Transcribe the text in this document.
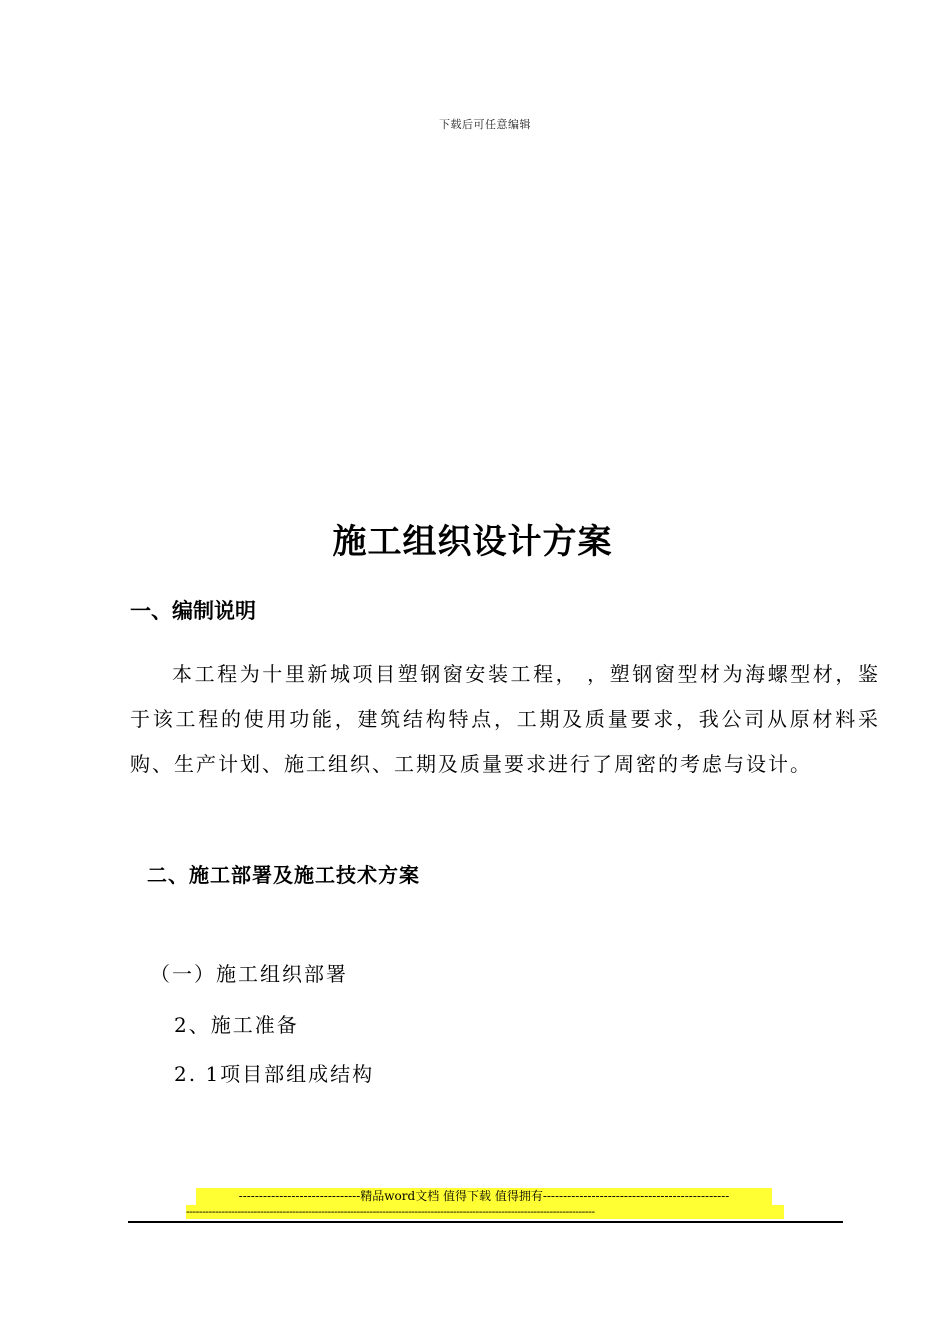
下载后可任意编辑
施工组织设计方案
一、编制说明
本工程为十里新城项目塑钢窗安装工程， ，塑钢窗型材为海螺型材，鉴于该工程的使用功能，建筑结构特点，工期及质量要求，我公司从原材料采购、生产计划、施工组织、工期及质量要求进行了周密的考虑与设计。
二、施工部署及施工技术方案
（一）施工组织部署
2、施工准备
2. 1项目部组成结构
------------------------------精品word文档 值得下载 值得拥有----------------------------------------------
-------------------------------------------------------------------------------------------------------------------------------
